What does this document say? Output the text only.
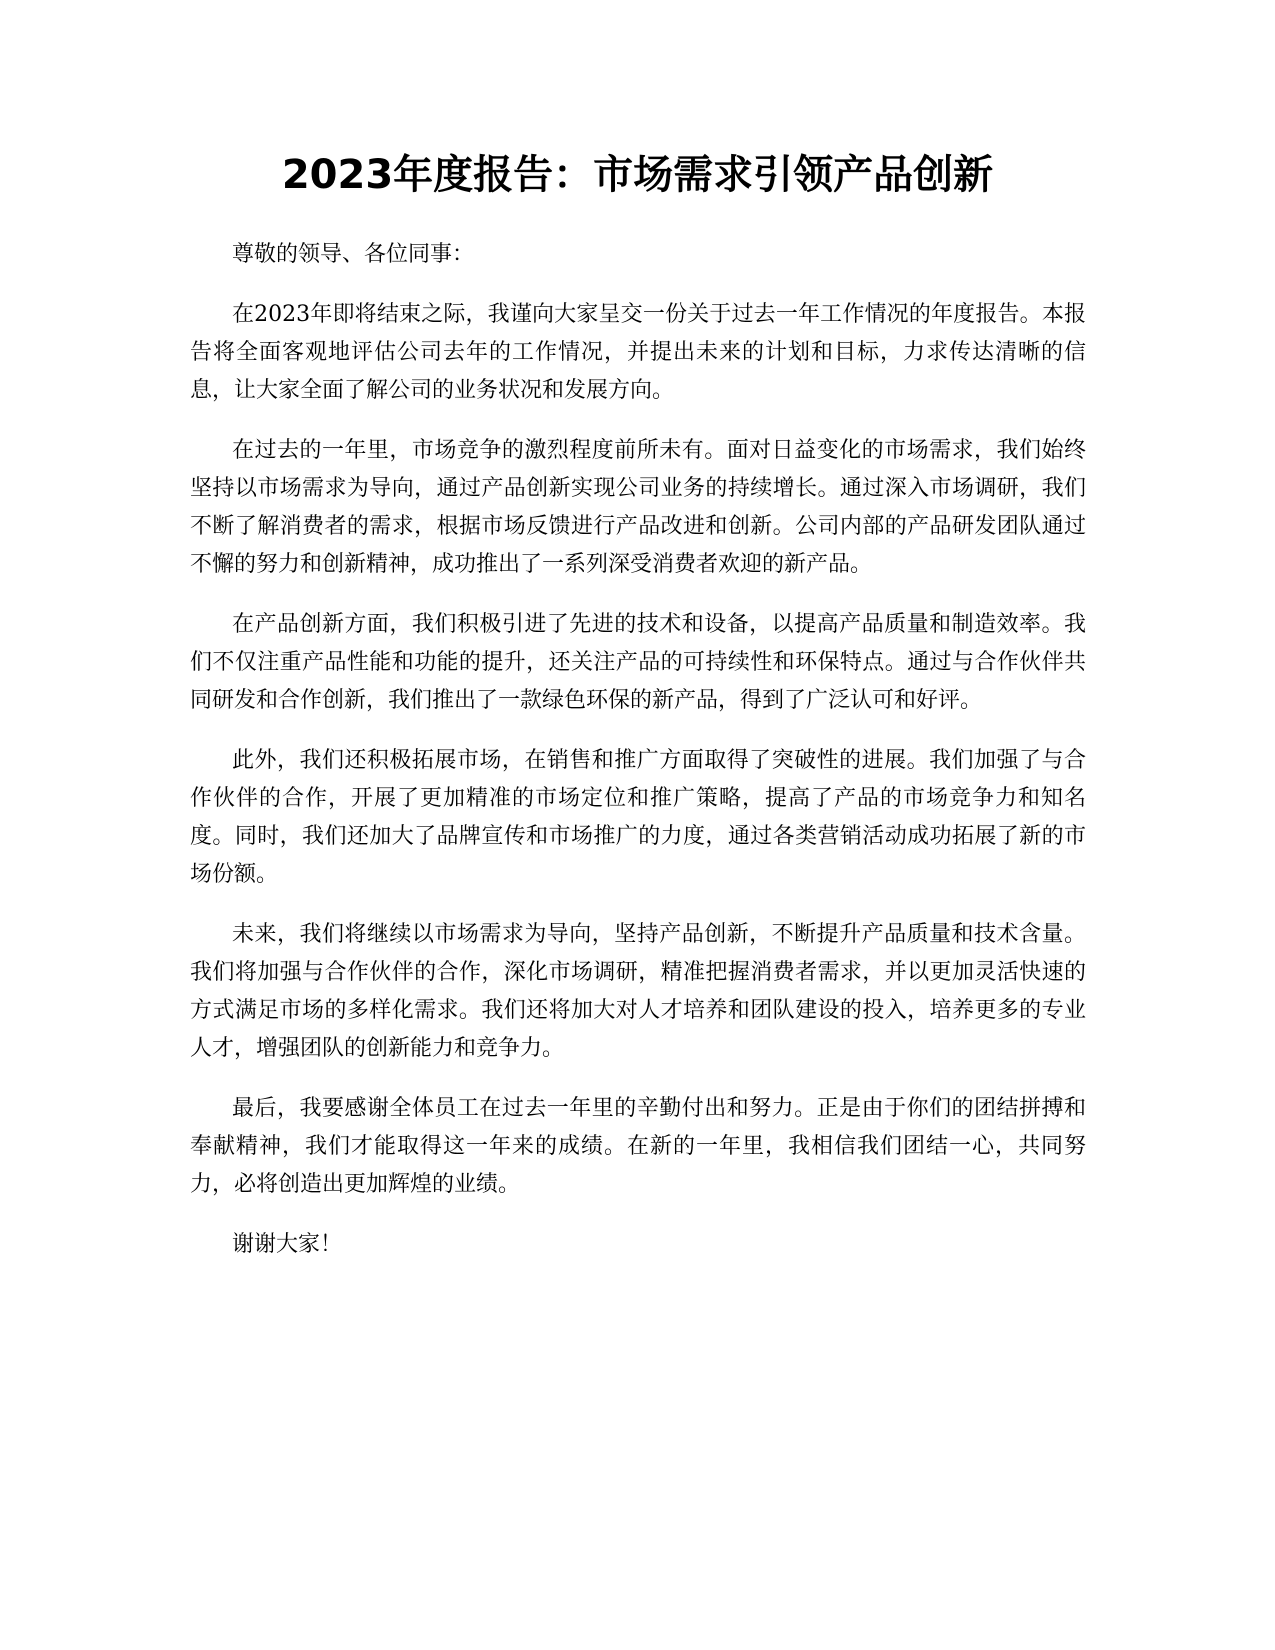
2023年度报告：市场需求引领产品创新

尊敬的领导、各位同事：

在2023年即将结束之际，我谨向大家呈交一份关于过去一年工作情况的年度报告。本报告将全面客观地评估公司去年的工作情况，并提出未来的计划和目标，力求传达清晰的信息，让大家全面了解公司的业务状况和发展方向。

在过去的一年里，市场竞争的激烈程度前所未有。面对日益变化的市场需求，我们始终坚持以市场需求为导向，通过产品创新实现公司业务的持续增长。通过深入市场调研，我们不断了解消费者的需求，根据市场反馈进行产品改进和创新。公司内部的产品研发团队通过不懈的努力和创新精神，成功推出了一系列深受消费者欢迎的新产品。

在产品创新方面，我们积极引进了先进的技术和设备，以提高产品质量和制造效率。我们不仅注重产品性能和功能的提升，还关注产品的可持续性和环保特点。通过与合作伙伴共同研发和合作创新，我们推出了一款绿色环保的新产品，得到了广泛认可和好评。

此外，我们还积极拓展市场，在销售和推广方面取得了突破性的进展。我们加强了与合作伙伴的合作，开展了更加精准的市场定位和推广策略，提高了产品的市场竞争力和知名度。同时，我们还加大了品牌宣传和市场推广的力度，通过各类营销活动成功拓展了新的市场份额。

未来，我们将继续以市场需求为导向，坚持产品创新，不断提升产品质量和技术含量。我们将加强与合作伙伴的合作，深化市场调研，精准把握消费者需求，并以更加灵活快速的方式满足市场的多样化需求。我们还将加大对人才培养和团队建设的投入，培养更多的专业人才，增强团队的创新能力和竞争力。

最后，我要感谢全体员工在过去一年里的辛勤付出和努力。正是由于你们的团结拼搏和奉献精神，我们才能取得这一年来的成绩。在新的一年里，我相信我们团结一心，共同努力，必将创造出更加辉煌的业绩。

谢谢大家！
